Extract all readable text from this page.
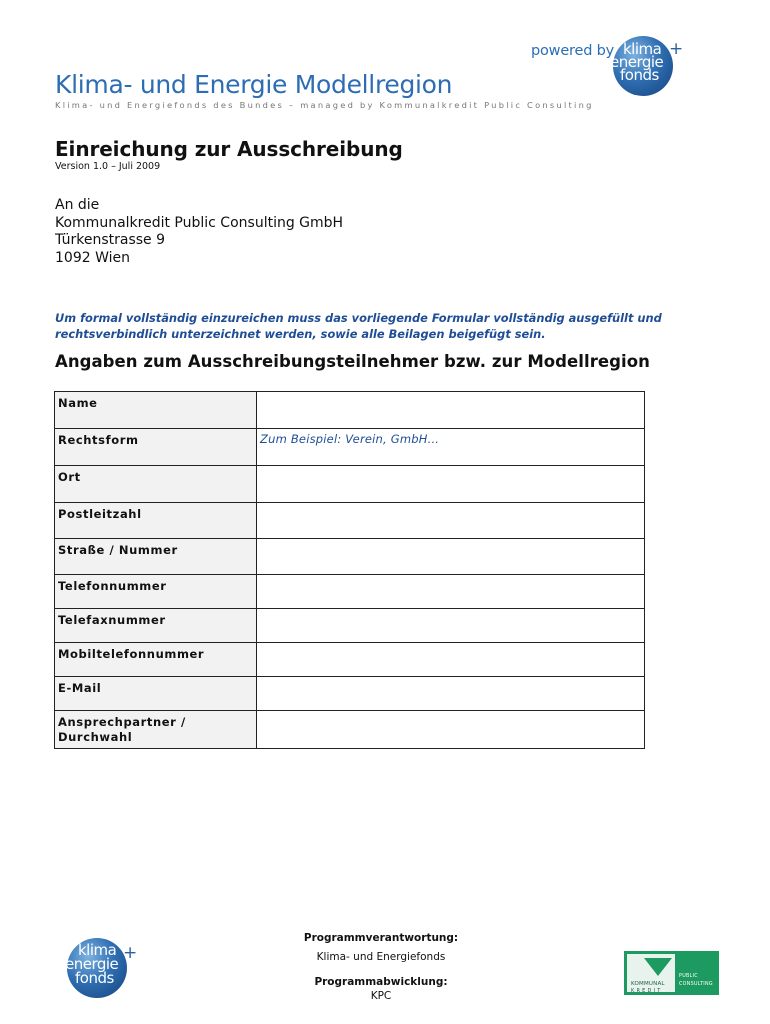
powered by klima
energie
fonds
+
Klima- und Energie Modellregion
Klima- und Energiefonds des Bundes – managed by Kommunalkredit Public Consulting
Einreichung zur Ausschreibung
Version 1.0 – Juli 2009
An die
Kommunalkredit Public Consulting GmbH
Türkenstrasse 9
1092 Wien
Um formal vollständig einzureichen muss das vorliegende Formular vollständig ausgefüllt und rechtsverbindlich unterzeichnet werden, sowie alle Beilagen beigefügt sein.
Angaben zum Ausschreibungsteilnehmer bzw. zur Modellregion
Name	
Rechtsform	Zum Beispiel: Verein, GmbH...
Ort	
Postleitzahl	
Straße / Nummer	
Telefonnummer	
Telefaxnummer	
Mobiltelefonnummer	
E-Mail	
Ansprechpartner / Durchwahl	
klima
energie
fonds
+
Programmverantwortung:
Klima- und Energiefonds
Programmabwicklung:
KPC
KOMMUNAL
KREDIT
PUBLIC
CONSULTING
